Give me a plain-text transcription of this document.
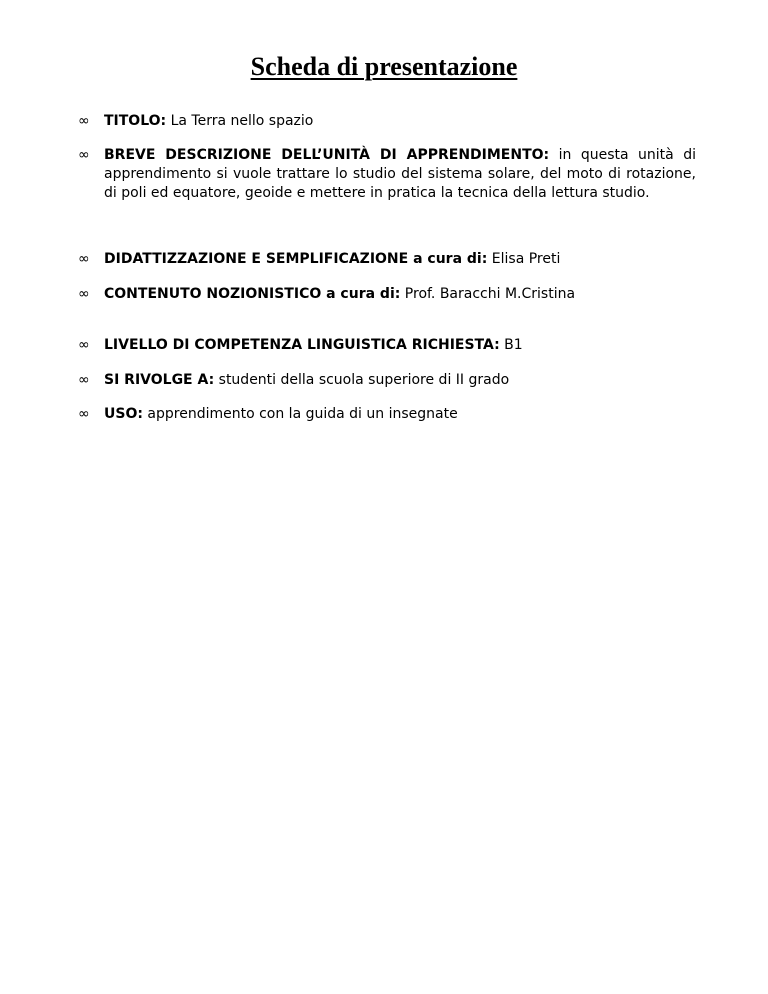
Scheda di presentazione
∞ TITOLO: La Terra nello spazio
∞ BREVE DESCRIZIONE DELL’UNITÀ DI APPRENDIMENTO: in questa unità di apprendimento si vuole trattare lo studio del sistema solare, del moto di rotazione, di poli ed equatore, geoide e mettere in pratica la tecnica della lettura studio.
∞ DIDATTIZZAZIONE E SEMPLIFICAZIONE a cura di: Elisa Preti
∞ CONTENUTO NOZIONISTICO a cura di: Prof. Baracchi M.Cristina
∞ LIVELLO DI COMPETENZA LINGUISTICA RICHIESTA: B1
∞ SI RIVOLGE A: studenti della scuola superiore di II grado
∞ USO: apprendimento con la guida di un insegnate
